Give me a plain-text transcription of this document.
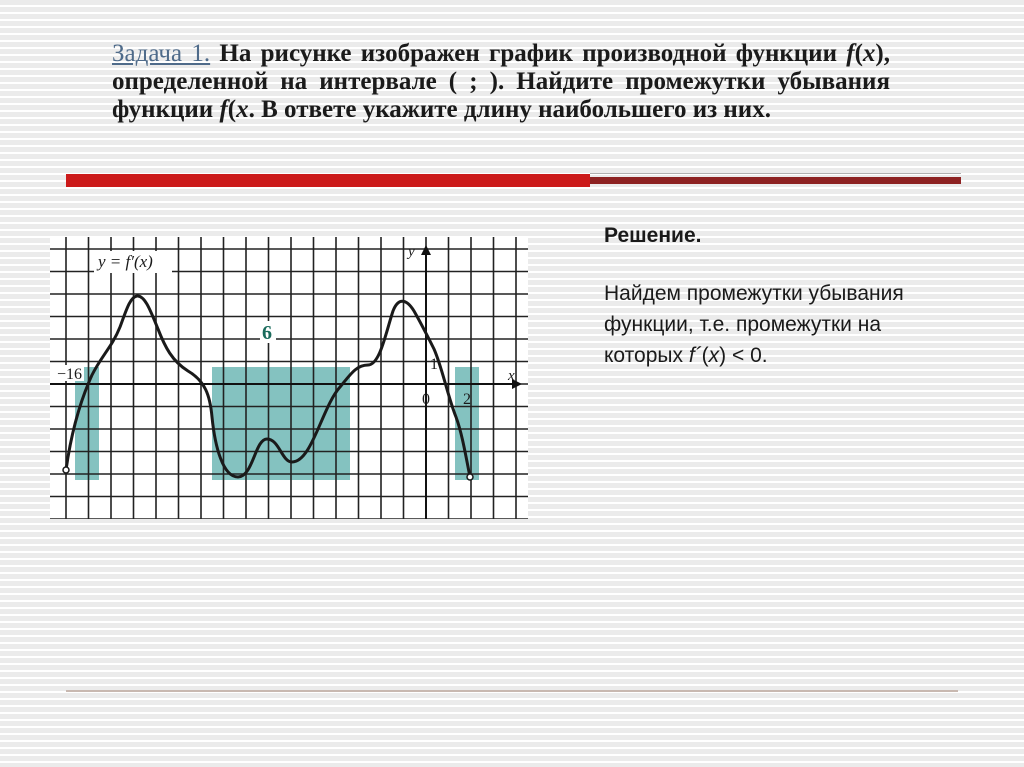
Задача 1. На рисунке изображен график производной функции f(x), определенной на интервале ( ; ). Найдите промежутки убывания функции f(x. В ответе укажите длину наибольшего из них.

y = f′(x)	y
x
−16
0
1
2
6

Решение.

Найдем промежутки убывания функции, т.е. промежутки на которых f´(x) < 0.
